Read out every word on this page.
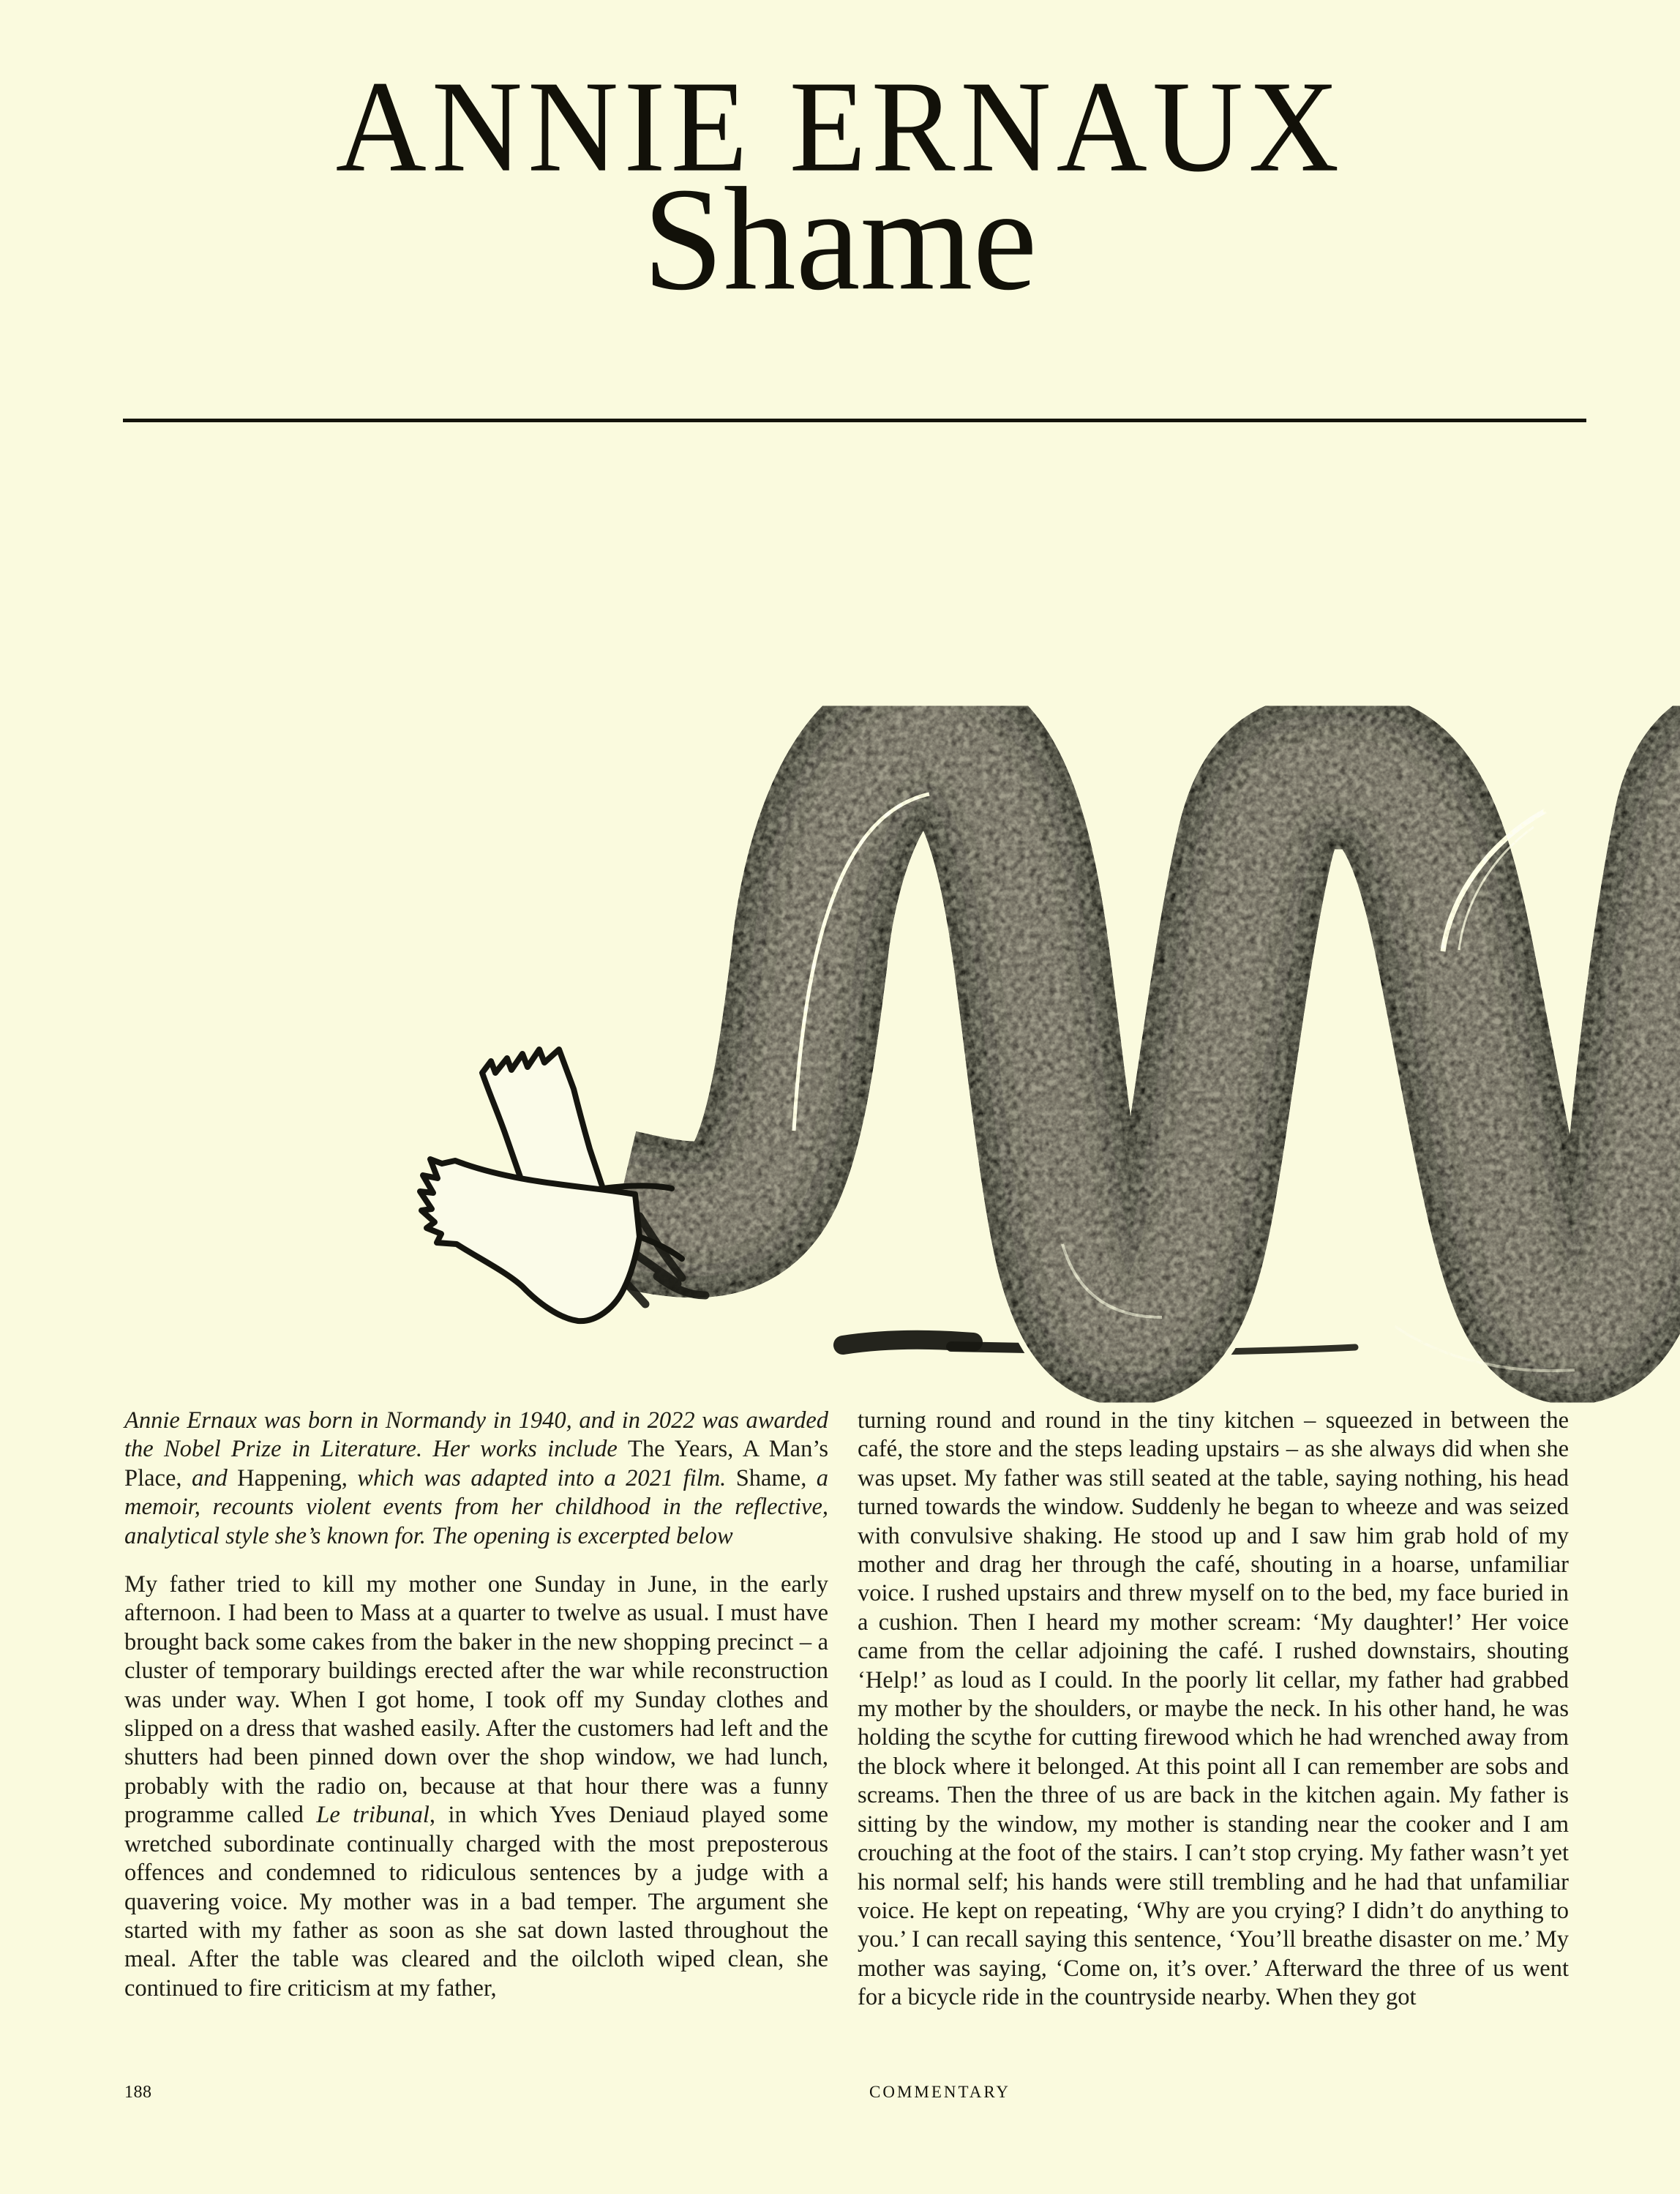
ANNIE ERNAUX
Shame
Annie Ernaux was born in Normandy in 1940, and in 2022 was awarded the Nobel Prize in Literature. Her works include The Years, A Man’s Place, and Happening, which was adapted into a 2021 film. Shame, a memoir, recounts violent events from her childhood in the reflective, analytical style she’s known for. The opening is excerpted below
My father tried to kill my mother one Sunday in June, in the early afternoon. I had been to Mass at a quarter to twelve as usual. I must have brought back some cakes from the baker in the new shopping precinct – a cluster of temporary buildings erected after the war while reconstruction was under way. When I got home, I took off my Sunday clothes and slipped on a dress that washed easily. After the customers had left and the shutters had been pinned down over the shop window, we had lunch, probably with the radio on, because at that hour there was a funny programme called Le tribunal, in which Yves Deniaud played some wretched subordinate continually charged with the most preposterous offences and condemned to ridiculous sentences by a judge with a quavering voice. My mother was in a bad temper. The argument she started with my father as soon as she sat down lasted throughout the meal. After the table was cleared and the oilcloth wiped clean, she continued to fire criticism at my father,
turning round and round in the tiny kitchen – squeezed in between the café, the store and the steps leading upstairs – as she always did when she was upset. My father was still seated at the table, saying nothing, his head turned towards the window. Suddenly he began to wheeze and was seized with convulsive shaking. He stood up and I saw him grab hold of my mother and drag her through the café, shouting in a hoarse, unfamiliar voice. I rushed upstairs and threw myself on to the bed, my face buried in a cushion. Then I heard my mother scream: ‘My daughter!’ Her voice came from the cellar adjoining the café. I rushed downstairs, shouting ‘Help!’ as loud as I could. In the poorly lit cellar, my father had grabbed my mother by the shoulders, or maybe the neck. In his other hand, he was holding the scythe for cutting firewood which he had wrenched away from the block where it belonged. At this point all I can remember are sobs and screams. Then the three of us are back in the kitchen again. My father is sitting by the window, my mother is standing near the cooker and I am crouching at the foot of the stairs. I can’t stop crying. My father wasn’t yet his normal self; his hands were still trembling and he had that unfamiliar voice. He kept on repeating, ‘Why are you crying? I didn’t do anything to you.’ I can recall saying this sentence, ‘You’ll breathe disaster on me.’ My mother was saying, ‘Come on, it’s over.’ Afterward the three of us went for a bicycle ride in the countryside nearby. When they got
188	COMMENTARY
